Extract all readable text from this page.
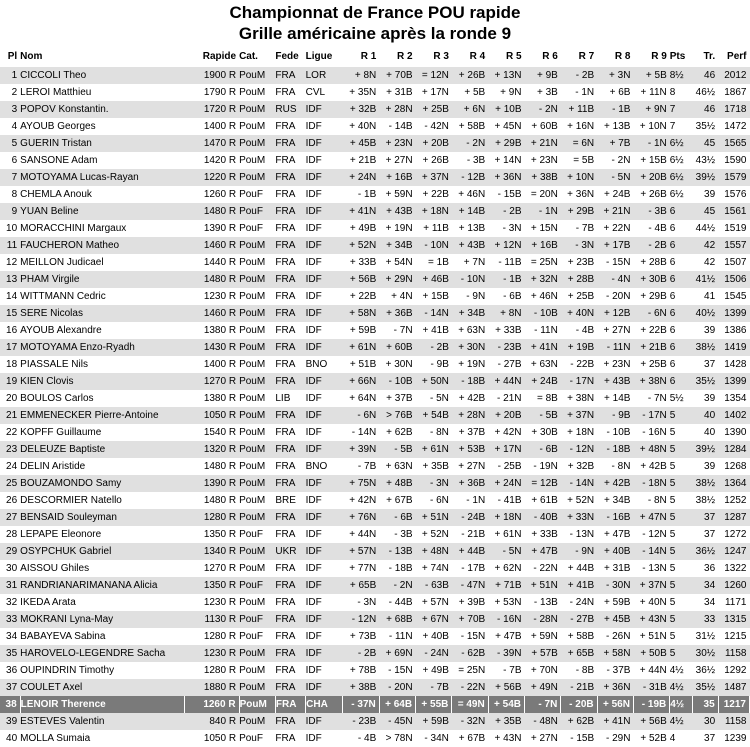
Championnat de France POU rapide
Grille américaine après la ronde 9
Pl	Nom	Rapide	Cat.	Fede	Ligue	R 1	R 2	R 3	R 4	R 5	R 6	R 7	R 8	R 9	Pts	Tr.	Perf
1	CICCOLI Theo	1900 R	PouM	FRA	LOR	+ 8N	+ 70B	= 12N	+ 26B	+ 13N	+ 9B	- 2B	+ 3N	+ 5B	8½	46	2012
2	LEROI Matthieu	1790 R	PouM	FRA	CVL	+ 35N	+ 31B	+ 17N	+ 5B	+ 9N	+ 3B	- 1N	+ 6B	+ 11N	8	46½	1867
3	POPOV Konstantin.	1720 R	PouM	RUS	IDF	+ 32B	+ 28N	+ 25B	+ 6N	+ 10B	- 2N	+ 11B	- 1B	+ 9N	7	46	1718
4	AYOUB Georges	1400 R	PouM	FRA	IDF	+ 40N	- 14B	- 42N	+ 58B	+ 45N	+ 60B	+ 16N	+ 13B	+ 10N	7	35½	1472
5	GUERIN Tristan	1470 R	PouM	FRA	IDF	+ 45B	+ 23N	+ 20B	- 2N	+ 29B	+ 21N	= 6N	+ 7B	- 1N	6½	45	1565
6	SANSONE Adam	1420 R	PouM	FRA	IDF	+ 21B	+ 27N	+ 26B	- 3B	+ 14N	+ 23N	= 5B	- 2N	+ 15B	6½	43½	1590
7	MOTOYAMA Lucas-Rayan	1220 R	PouM	FRA	IDF	+ 24N	+ 16B	+ 37N	- 12B	+ 36N	+ 38B	+ 10N	- 5N	+ 20B	6½	39½	1579
8	CHEMLA Anouk	1260 R	PouF	FRA	IDF	- 1B	+ 59N	+ 22B	+ 46N	- 15B	= 20N	+ 36N	+ 24B	+ 26B	6½	39	1576
9	YUAN Beline	1480 R	PouF	FRA	IDF	+ 41N	+ 43B	+ 18N	+ 14B	- 2B	- 1N	+ 29B	+ 21N	- 3B	6	45	1561
10	MORACCHINI Margaux	1390 R	PouF	FRA	IDF	+ 49B	+ 19N	+ 11B	+ 13B	- 3N	+ 15N	- 7B	+ 22N	- 4B	6	44½	1519
11	FAUCHERON Matheo	1460 R	PouM	FRA	IDF	+ 52N	+ 34B	- 10N	+ 43B	+ 12N	+ 16B	- 3N	+ 17B	- 2B	6	42	1557
12	MEILLON Judicael	1440 R	PouM	FRA	IDF	+ 33B	+ 54N	= 1B	+ 7N	- 11B	= 25N	+ 23B	- 15N	+ 28B	6	42	1507
13	PHAM Virgile	1480 R	PouM	FRA	IDF	+ 56B	+ 29N	+ 46B	- 10N	- 1B	+ 32N	+ 28B	- 4N	+ 30B	6	41½	1506
14	WITTMANN Cedric	1230 R	PouM	FRA	IDF	+ 22B	+ 4N	+ 15B	- 9N	- 6B	+ 46N	+ 25B	- 20N	+ 29B	6	41	1545
15	SERE Nicolas	1460 R	PouM	FRA	IDF	+ 58N	+ 36B	- 14N	+ 34B	+ 8N	- 10B	+ 40N	+ 12B	- 6N	6	40½	1399
16	AYOUB Alexandre	1380 R	PouM	FRA	IDF	+ 59B	- 7N	+ 41B	+ 63N	+ 33B	- 11N	- 4B	+ 27N	+ 22B	6	39	1386
17	MOTOYAMA Enzo-Ryadh	1430 R	PouM	FRA	IDF	+ 61N	+ 60B	- 2B	+ 30N	- 23B	+ 41N	+ 19B	- 11N	+ 21B	6	38½	1419
18	PIASSALE Nils	1400 R	PouM	FRA	BNO	+ 51B	+ 30N	- 9B	+ 19N	- 27B	+ 63N	- 22B	+ 23N	+ 25B	6	37	1428
19	KIEN Clovis	1270 R	PouM	FRA	IDF	+ 66N	- 10B	+ 50N	- 18B	+ 44N	+ 24B	- 17N	+ 43B	+ 38N	6	35½	1399
20	BOULOS Carlos	1380 R	PouM	LIB	IDF	+ 64N	+ 37B	- 5N	+ 42B	- 21N	= 8B	+ 38N	+ 14B	- 7N	5½	39	1354
21	EMMENECKER Pierre-Antoine	1050 R	PouM	FRA	IDF	- 6N	> 76B	+ 54B	+ 28N	+ 20B	- 5B	+ 37N	- 9B	- 17N	5	40	1402
22	KOPFF Guillaume	1540 R	PouM	FRA	IDF	- 14N	+ 62B	- 8N	+ 37B	+ 42N	+ 30B	+ 18N	- 10B	- 16N	5	40	1390
23	DELEUZE Baptiste	1320 R	PouM	FRA	IDF	+ 39N	- 5B	+ 61N	+ 53B	+ 17N	- 6B	- 12N	- 18B	+ 48N	5	39½	1284
24	DELIN Aristide	1480 R	PouM	FRA	BNO	- 7B	+ 63N	+ 35B	+ 27N	- 25B	- 19N	+ 32B	- 8N	+ 42B	5	39	1268
25	BOUZAMONDO Samy	1390 R	PouM	FRA	IDF	+ 75N	+ 48B	- 3N	+ 36B	+ 24N	= 12B	- 14N	+ 42B	- 18N	5	38½	1364
26	DESCORMIER Natello	1480 R	PouM	BRE	IDF	+ 42N	+ 67B	- 6N	- 1N	- 41B	+ 61B	+ 52N	+ 34B	- 8N	5	38½	1252
27	BENSAID Souleyman	1280 R	PouM	FRA	IDF	+ 76N	- 6B	+ 51N	- 24B	+ 18N	- 40B	+ 33N	- 16B	+ 47N	5	37	1287
28	LEPAPE Eleonore	1350 R	PouF	FRA	IDF	+ 44N	- 3B	+ 52N	- 21B	+ 61N	+ 33B	- 13N	+ 47B	- 12N	5	37	1272
29	OSYPCHUK Gabriel	1340 R	PouM	UKR	IDF	+ 57N	- 13B	+ 48N	+ 44B	- 5N	+ 47B	- 9N	+ 40B	- 14N	5	36½	1247
30	AISSOU Ghiles	1270 R	PouM	FRA	IDF	+ 77N	- 18B	+ 74N	- 17B	+ 62N	- 22N	+ 44B	+ 31B	- 13N	5	36	1322
31	RANDRIANARIMANANA Alicia	1350 R	PouF	FRA	IDF	+ 65B	- 2N	- 63B	- 47N	+ 71B	+ 51N	+ 41B	- 30N	+ 37N	5	34	1260
32	IKEDA Arata	1230 R	PouM	FRA	IDF	- 3N	- 44B	+ 57N	+ 39B	+ 53N	- 13B	- 24N	+ 59B	+ 40N	5	34	1171
33	MOKRANI Lyna-May	1130 R	PouF	FRA	IDF	- 12N	+ 68B	+ 67N	+ 70B	- 16N	- 28N	- 27B	+ 45B	+ 43N	5	33	1315
34	BABAYEVA Sabina	1280 R	PouF	FRA	IDF	+ 73B	- 11N	+ 40B	- 15N	+ 47B	+ 59N	+ 58B	- 26N	+ 51N	5	31½	1215
35	HAROVELO-LEGENDRE Sacha	1230 R	PouM	FRA	IDF	- 2B	+ 69N	- 24N	- 62B	- 39N	+ 57B	+ 65B	+ 58N	+ 50B	5	30½	1158
36	OUPINDRIN Timothy	1280 R	PouM	FRA	IDF	+ 78B	- 15N	+ 49B	= 25N	- 7B	+ 70N	- 8B	- 37B	+ 44N	4½	36½	1292
37	COULET Axel	1880 R	PouM	FRA	IDF	+ 38B	- 20N	- 7B	- 22N	+ 56B	+ 49N	- 21B	+ 36N	- 31B	4½	35½	1487
38	LENOIR Therence	1260 R	PouM	FRA	CHA	- 37N	+ 64B	+ 55B	= 49N	+ 54B	- 7N	- 20B	+ 56N	- 19B	4½	35	1217
39	ESTEVES Valentin	840 R	PouM	FRA	IDF	- 23B	- 45N	+ 59B	- 32N	+ 35B	- 48N	+ 62B	+ 41N	+ 56B	4½	30	1158
40	MOLLA Sumaia	1050 R	PouF	FRA	IDF	- 4B	> 78N	- 34N	+ 67B	+ 43N	+ 27N	- 15B	- 29N	+ 52B	4	37	1239
